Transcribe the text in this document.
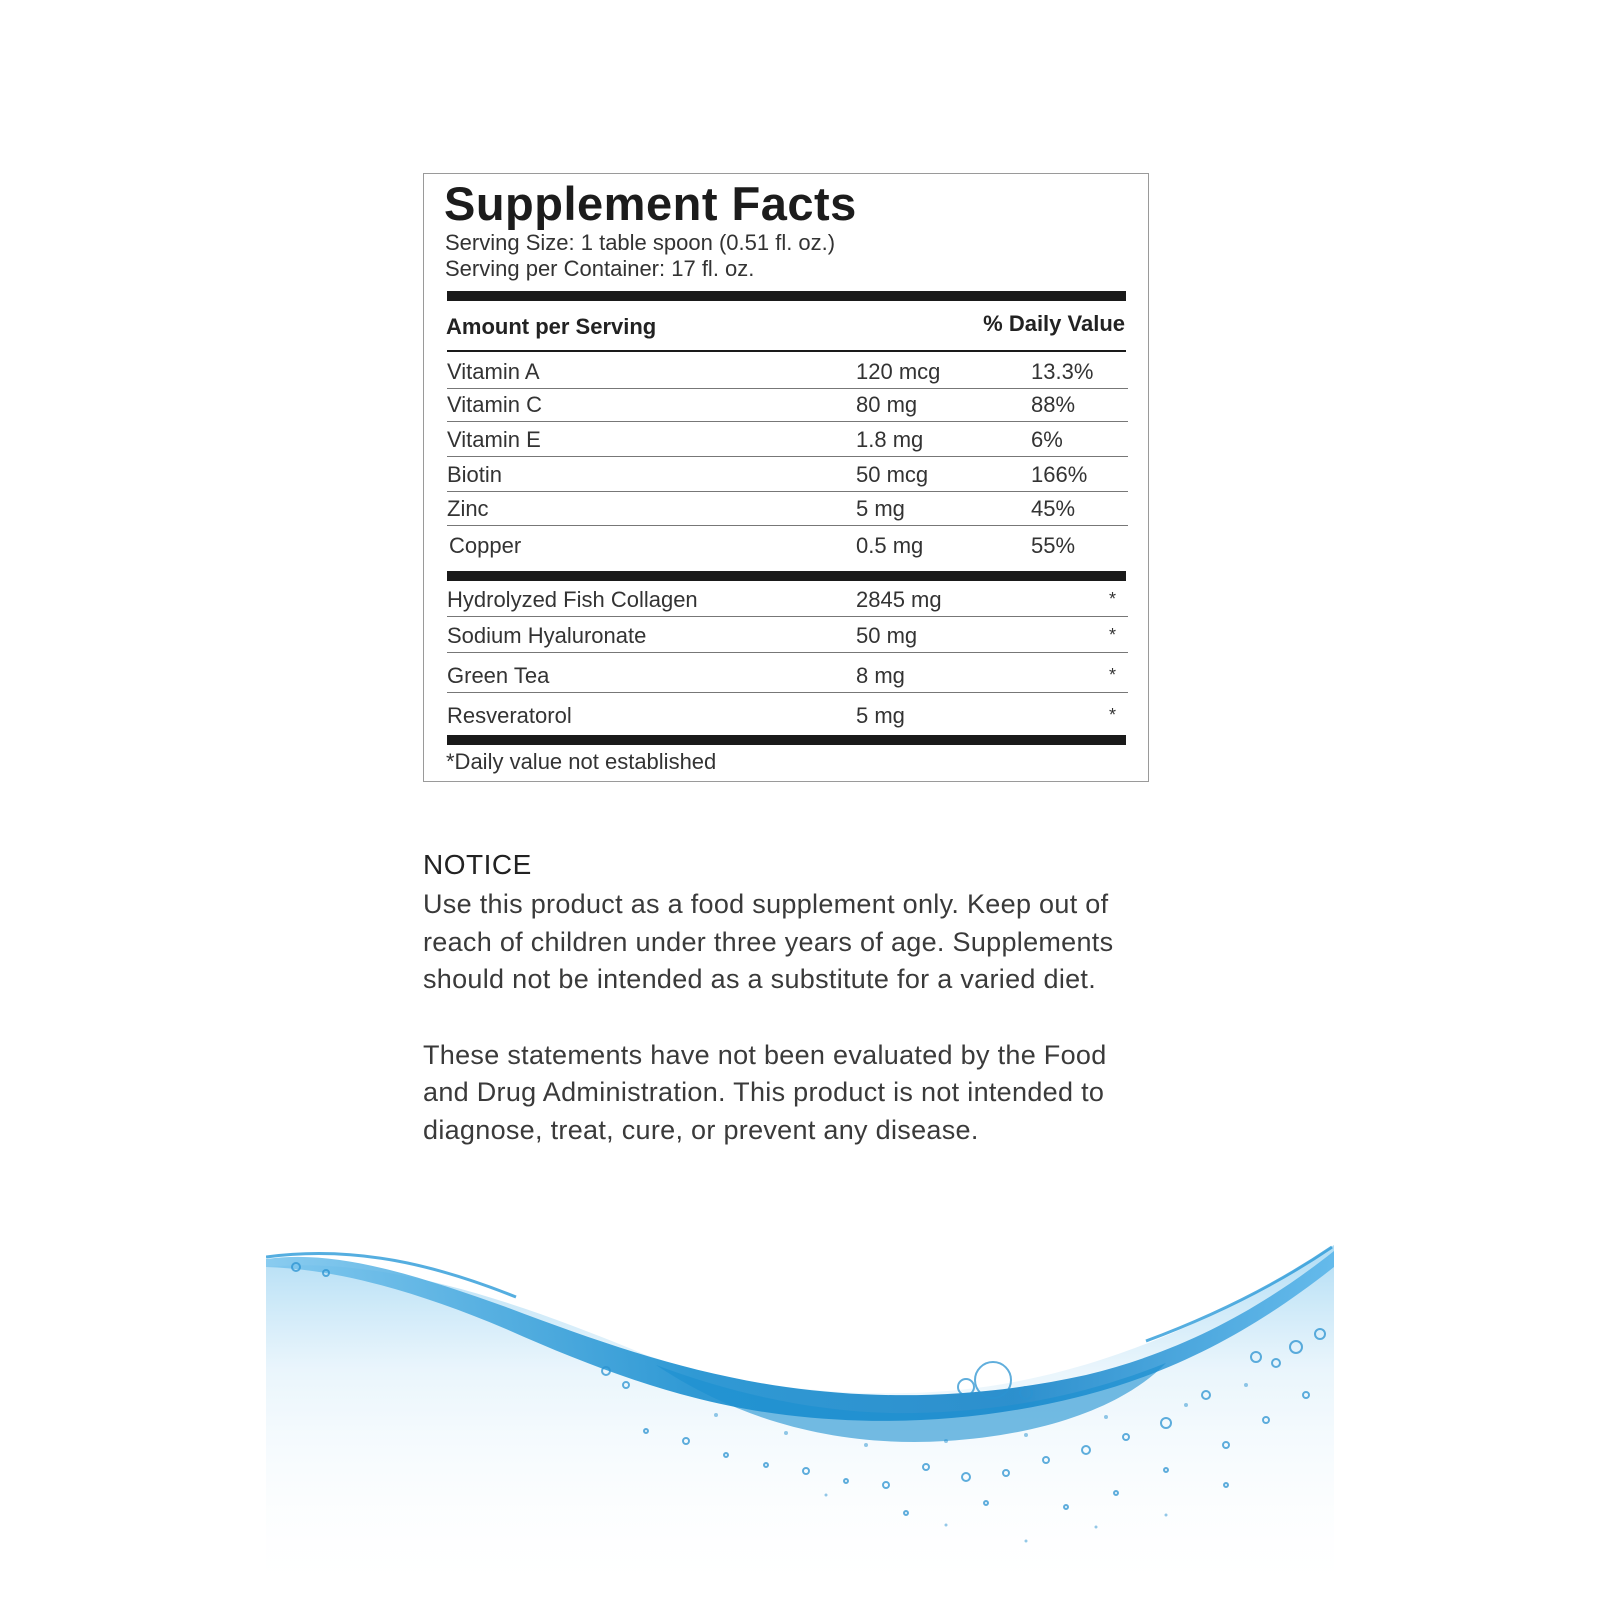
Supplement Facts
Serving Size: 1 table spoon (0.51 fl. oz.)
Serving per Container: 17 fl. oz.
Amount per Serving	% Daily Value
Vitamin A	120 mcg	13.3%
Vitamin C	80 mg	88%
Vitamin E	1.8 mg	6%
Biotin	50 mcg	166%
Zinc	5 mg	45%
Copper	0.5 mg	55%
Hydrolyzed Fish Collagen	2845 mg	*
Sodium Hyaluronate	50 mg	*
Green Tea	8 mg	*
Resveratorol	5 mg	*
*Daily value not established
NOTICE

Use this product as a food supplement only. Keep out of reach of children under three years of age. Supplements should not be intended as a substitute for a varied diet.

These statements have not been evaluated by the Food and Drug Administration. This product is not intended to diagnose, treat, cure, or prevent any disease.
